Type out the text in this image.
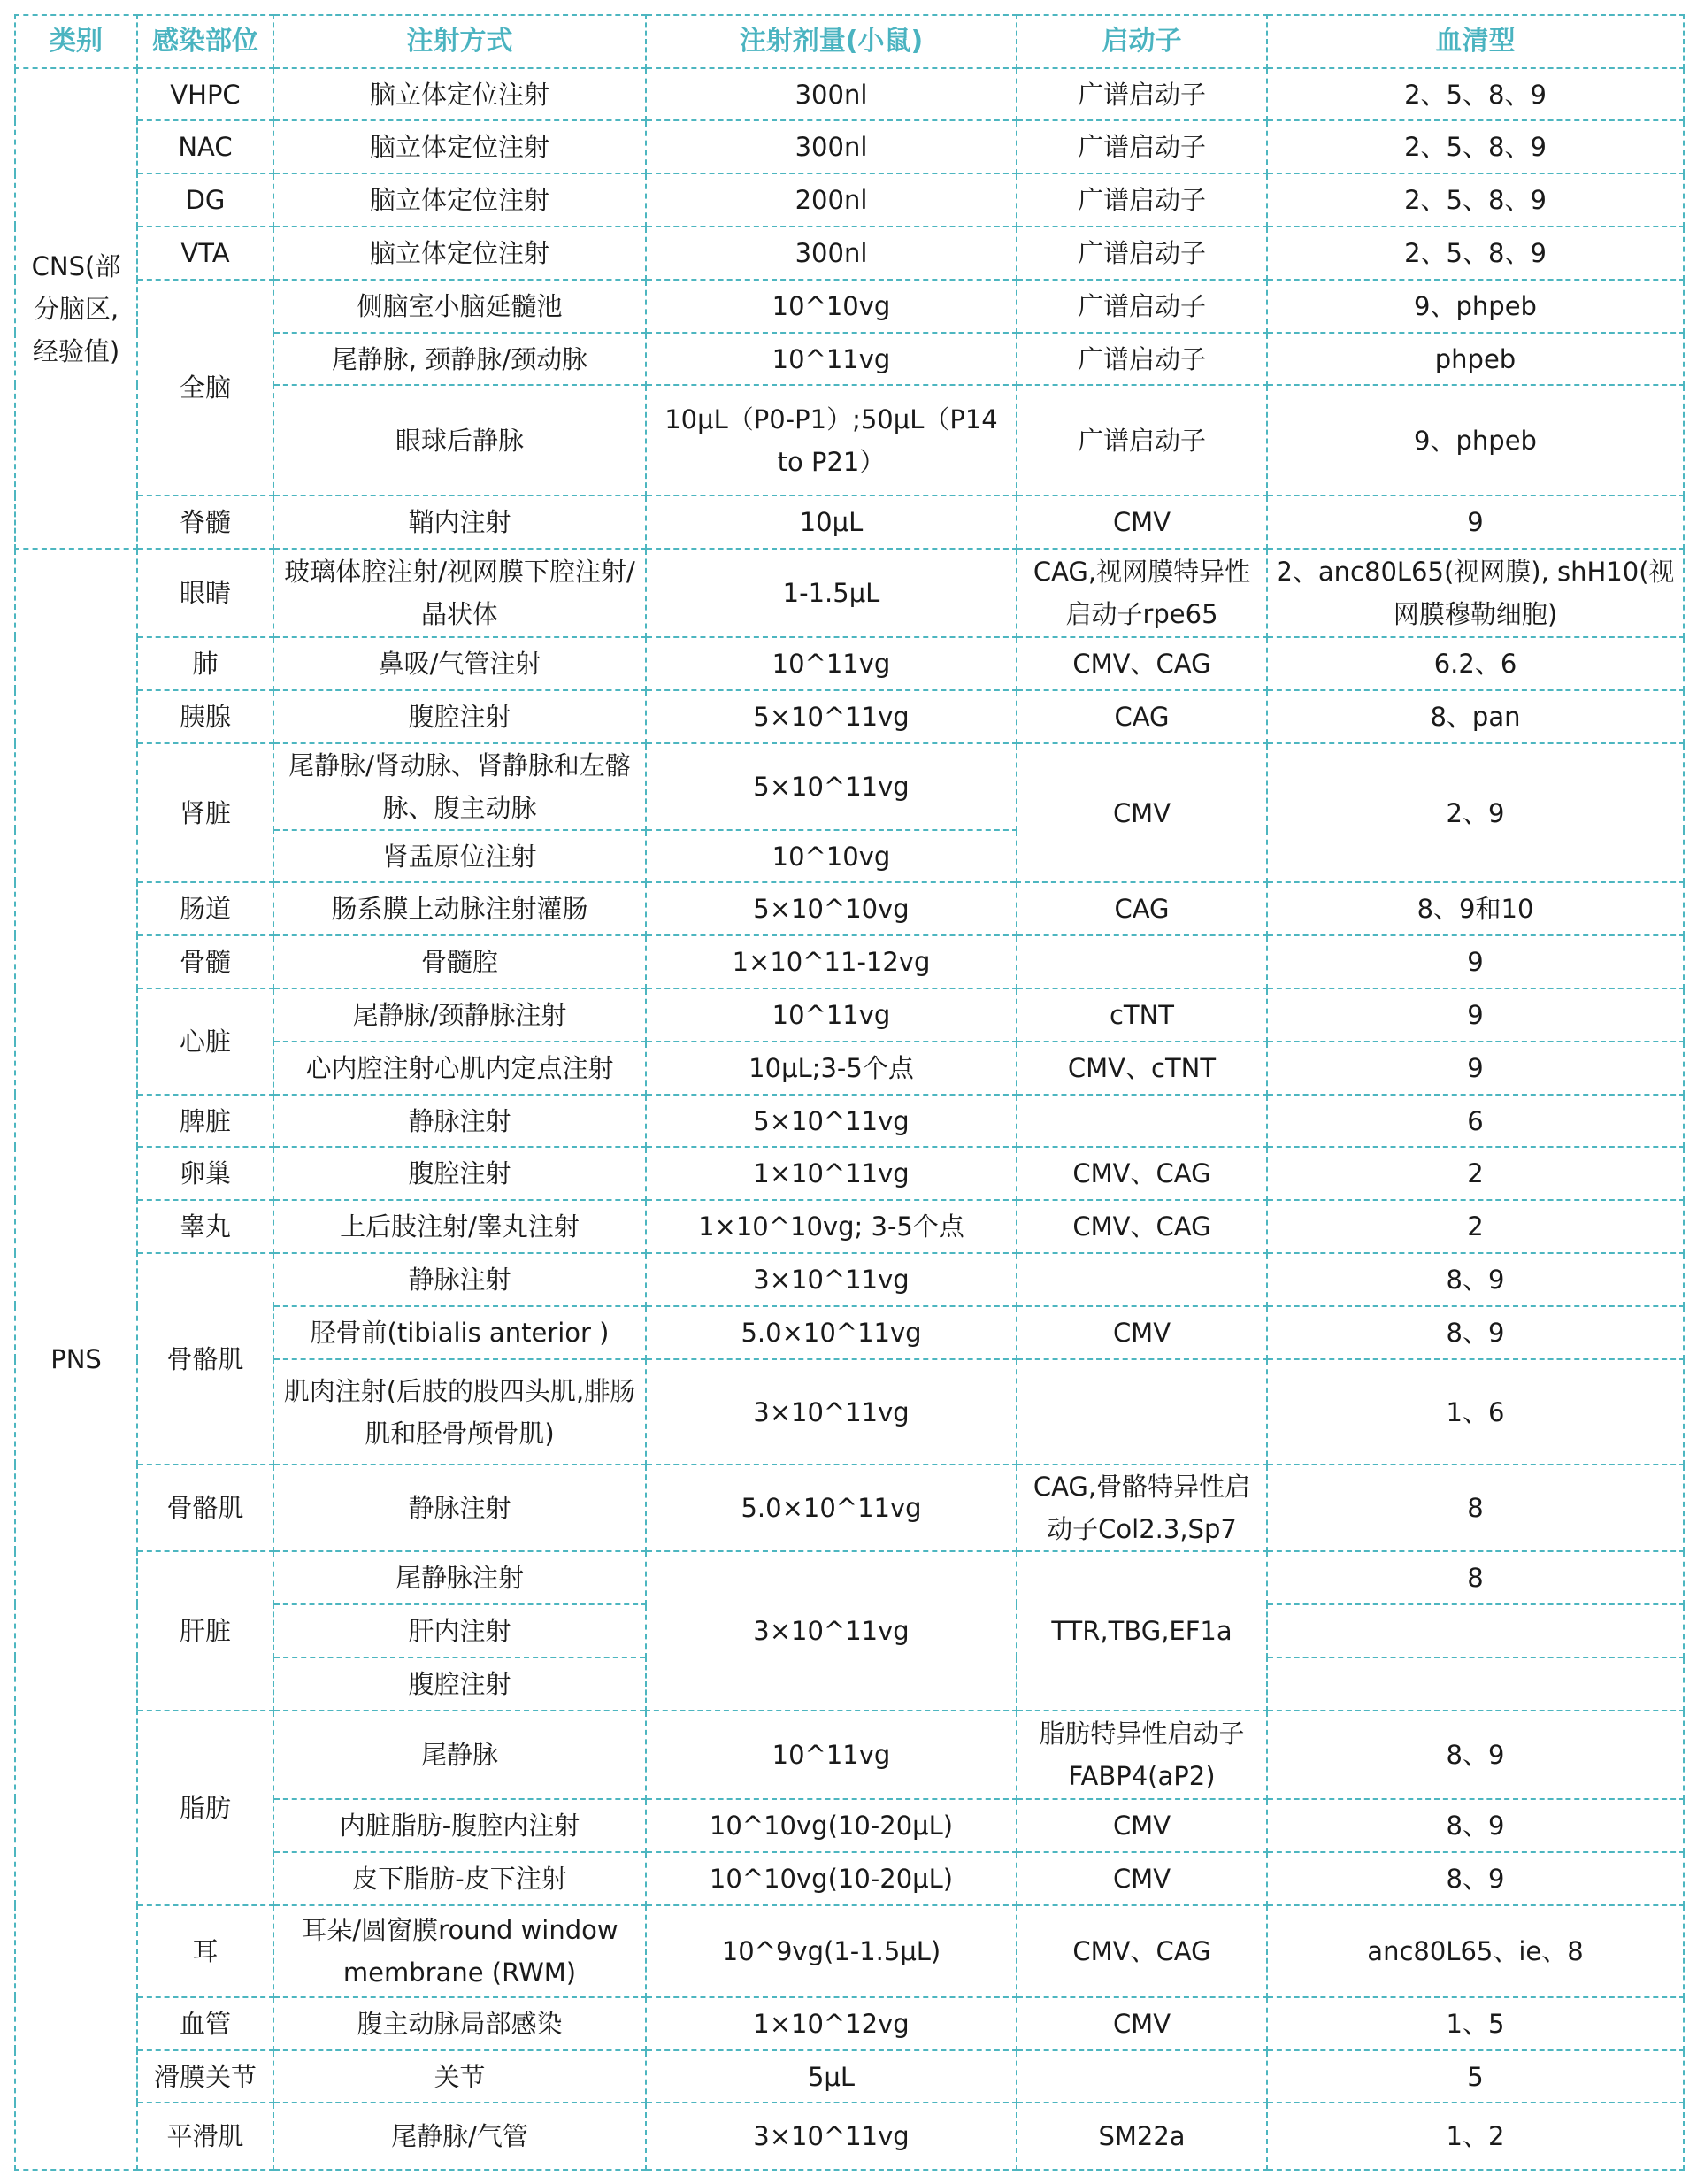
类别	感染部位	注射方式	注射剂量(小鼠)	启动子	血清型
CNS(部分脑区,经验值)	VHPC	脑立体定位注射	300nl	广谱启动子	2、5、8、9
	NAC	脑立体定位注射	300nl	广谱启动子	2、5、8、9
	DG	脑立体定位注射	200nl	广谱启动子	2、5、8、9
	VTA	脑立体定位注射	300nl	广谱启动子	2、5、8、9
	全脑	侧脑室小脑延髓池	10^10vg	广谱启动子	9、phpeb
		尾静脉, 颈静脉/颈动脉	10^11vg	广谱启动子	phpeb
		眼球后静脉	10μL（P0-P1）;50μL（P14 to P21）	广谱启动子	9、phpeb
	脊髓	鞘内注射	10μL	CMV	9
PNS	眼睛	玻璃体腔注射/视网膜下腔注射/晶状体	1-1.5μL	CAG,视网膜特异性启动子rpe65	2、anc80L65(视网膜), shH10(视网膜穆勒细胞)
	肺	鼻吸/气管注射	10^11vg	CMV、CAG	6.2、6
	胰腺	腹腔注射	5×10^11vg	CAG	8、pan
	肾脏	尾静脉/肾动脉、肾静脉和左髂脉、腹主动脉	5×10^11vg	CMV	2、9
		肾盂原位注射	10^10vg		
	肠道	肠系膜上动脉注射灌肠	5×10^10vg	CAG	8、9和10
	骨髓	骨髓腔	1×10^11-12vg		9
	心脏	尾静脉/颈静脉注射	10^11vg	cTNT	9
		心内腔注射心肌内定点注射	10μL;3-5个点	CMV、cTNT	9
	脾脏	静脉注射	5×10^11vg		6
	卵巢	腹腔注射	1×10^11vg	CMV、CAG	2
	睾丸	上后肢注射/睾丸注射	1×10^10vg; 3-5个点	CMV、CAG	2
	骨骼肌	静脉注射	3×10^11vg		8、9
		胫骨前(tibialis anterior )	5.0×10^11vg	CMV	8、9
		肌肉注射(后肢的股四头肌,腓肠肌和胫骨颅骨肌)	3×10^11vg		1、6
	骨骼肌	静脉注射	5.0×10^11vg	CAG,骨骼特异性启动子Col2.3,Sp7	8
	肝脏	尾静脉注射	3×10^11vg	TTR,TBG,EF1a	8
		肝内注射			
		腹腔注射			
	脂肪	尾静脉	10^11vg	脂肪特异性启动子FABP4(aP2)	8、9
		内脏脂肪-腹腔内注射	10^10vg(10-20μL)	CMV	8、9
		皮下脂肪-皮下注射	10^10vg(10-20μL)	CMV	8、9
	耳	耳朵/圆窗膜round window membrane (RWM)	10^9vg(1-1.5μL)	CMV、CAG	anc80L65、ie、8
	血管	腹主动脉局部感染	1×10^12vg	CMV	1、5
	滑膜关节	关节	5μL		5
	平滑肌	尾静脉/气管	3×10^11vg	SM22a	1、2
